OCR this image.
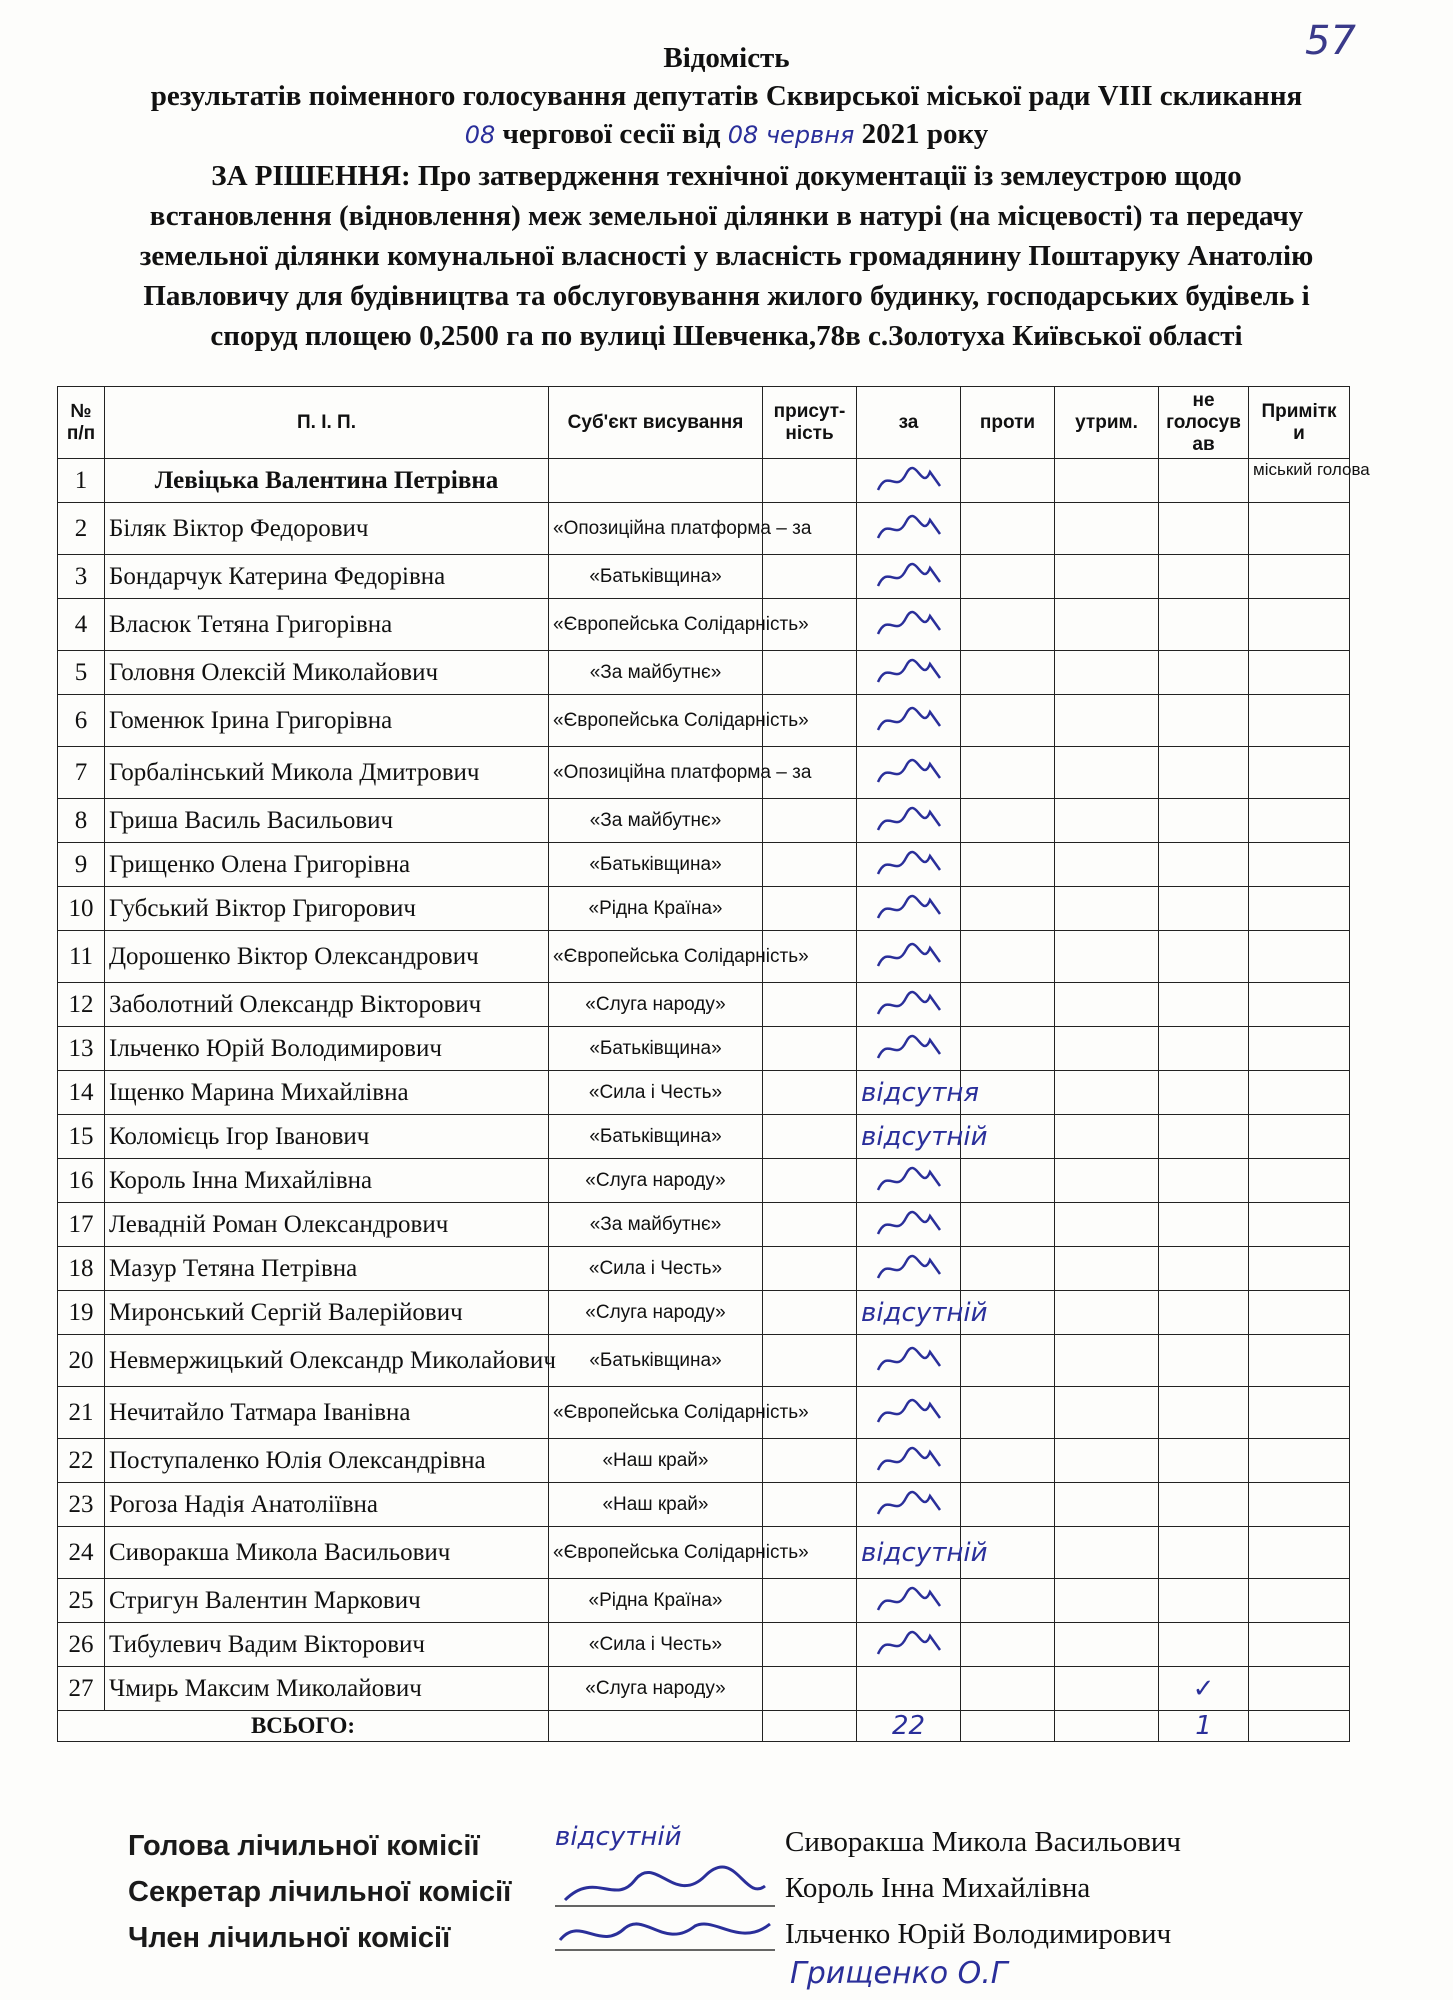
57
Відомість
результатів поіменного голосування депутатів Сквирської міської ради VIII скликання
08 чергової сесії від 08 червня 2021 року
ЗА РІШЕННЯ: Про затвердження технічної документації із землеустрою щодо
встановлення (відновлення) меж земельної ділянки в натурі (на місцевості) та передачу
земельної ділянки комунальної власності у власність громадянину Поштаруку Анатолію
Павловичу для будівництва та обслуговування жилого будинку, господарських будівель і
споруд площею 0,2500 га по вулиці Шевченка,78в с.Золотуха Київської області
№ п/п	П. І. П.	Суб'єкт висування	присут-ність	за	проти	утрим.	не голосув ав	Примітк и
1	Левіцька Валентина Петрівна							міський голова
2	Біляк Віктор Федорович	«Опозиційна платформа – за						
3	Бондарчук Катерина Федорівна	«Батьківщина»						
4	Власюк Тетяна Григорівна	«Європейська Солідарність»						
5	Головня Олексій Миколайович	«За майбутнє»						
6	Гоменюк Ірина Григорівна	«Європейська Солідарність»						
7	Горбалінський Микола Дмитрович	«Опозиційна платформа – за						
8	Гриша Василь Васильович	«За майбутнє»						
9	Грищенко Олена Григорівна	«Батьківщина»						
10	Губський Віктор Григорович	«Рідна Країна»						
11	Дорошенко Віктор Олександрович	«Європейська Солідарність»						
12	Заболотний Олександр Вікторович	«Слуга народу»						
13	Ільченко Юрій Володимирович	«Батьківщина»						
14	Іщенко Марина Михайлівна	«Сила і Честь»		відсутня				
15	Коломієць Ігор Іванович	«Батьківщина»		відсутній				
16	Король Інна Михайлівна	«Слуга народу»						
17	Левадній Роман Олександрович	«За майбутнє»						
18	Мазур Тетяна Петрівна	«Сила і Честь»						
19	Миронський Сергій Валерійович	«Слуга народу»		відсутній				
20	Невмержицький Олександр Миколайович	«Батьківщина»						
21	Нечитайло Татмара Іванівна	«Європейська Солідарність»						
22	Поступаленко Юлія Олександрівна	«Наш край»						
23	Рогоза Надія Анатоліївна	«Наш край»						
24	Сиворакша Микола Васильович	«Європейська Солідарність»		відсутній				
25	Стригун Валентин Маркович	«Рідна Країна»						
26	Тибулевич Вадим Вікторович	«Сила і Честь»						
27	Чмирь Максим Миколайович	«Слуга народу»					✓	
ВСЬОГО:				22			1	
Голова лічильної комісії	відсутній	Сиворакша Микола Васильович
Секретар лічильної комісії	Король Інна Михайлівна
Член лічильної комісії	Ільченко Юрій Володимирович
Грищенко О.Г
